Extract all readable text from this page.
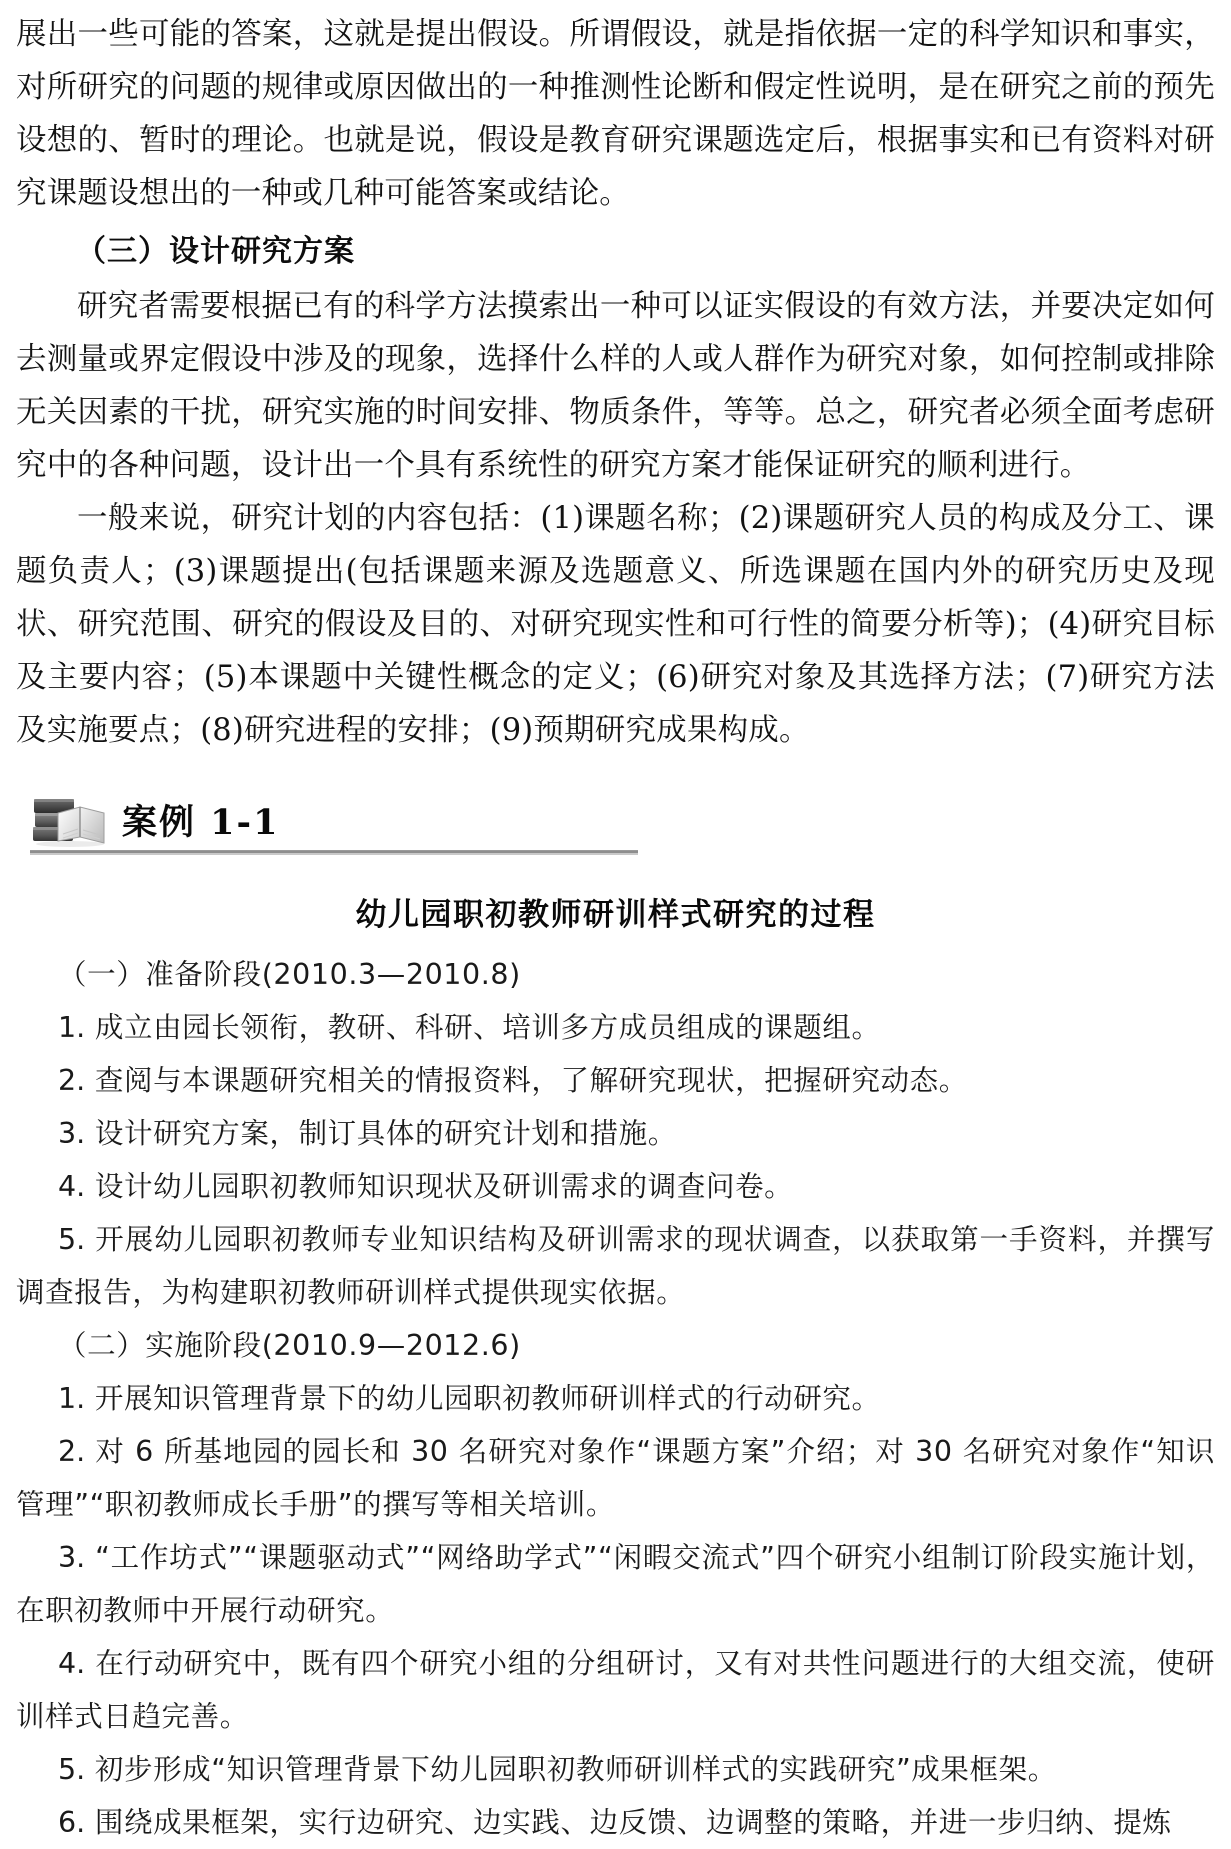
展出一些可能的答案，这就是提出假设。所谓假设，就是指依据一定的科学知识和事实，对所研究的问题的规律或原因做出的一种推测性论断和假定性说明，是在研究之前的预先设想的、暂时的理论。也就是说，假设是教育研究课题选定后，根据事实和已有资料对研究课题设想出的一种或几种可能答案或结论。

（三）设计研究方案

研究者需要根据已有的科学方法摸索出一种可以证实假设的有效方法，并要决定如何去测量或界定假设中涉及的现象，选择什么样的人或人群作为研究对象，如何控制或排除无关因素的干扰，研究实施的时间安排、物质条件，等等。总之，研究者必须全面考虑研究中的各种问题，设计出一个具有系统性的研究方案才能保证研究的顺利进行。

一般来说，研究计划的内容包括：(1)课题名称；(2)课题研究人员的构成及分工、课题负责人；(3)课题提出(包括课题来源及选题意义、所选课题在国内外的研究历史及现状、研究范围、研究的假设及目的、对研究现实性和可行性的简要分析等)；(4)研究目标及主要内容；(5)本课题中关键性概念的定义；(6)研究对象及其选择方法；(7)研究方法及实施要点；(8)研究进程的安排；(9)预期研究成果构成。

案例 1-1
幼儿园职初教师研训样式研究的过程

（一）准备阶段(2010.3—2010.8)

1. 成立由园长领衔，教研、科研、培训多方成员组成的课题组。

2. 查阅与本课题研究相关的情报资料，了解研究现状，把握研究动态。

3. 设计研究方案，制订具体的研究计划和措施。

4. 设计幼儿园职初教师知识现状及研训需求的调查问卷。

5. 开展幼儿园职初教师专业知识结构及研训需求的现状调查，以获取第一手资料，并撰写调查报告，为构建职初教师研训样式提供现实依据。

（二）实施阶段(2010.9—2012.6)

1. 开展知识管理背景下的幼儿园职初教师研训样式的行动研究。

2. 对 6 所基地园的园长和 30 名研究对象作“课题方案”介绍；对 30 名研究对象作“知识管理”“职初教师成长手册”的撰写等相关培训。

3. “工作坊式”“课题驱动式”“网络助学式”“闲暇交流式”四个研究小组制订阶段实施计划，在职初教师中开展行动研究。

4. 在行动研究中，既有四个研究小组的分组研讨，又有对共性问题进行的大组交流，使研训样式日趋完善。

5. 初步形成“知识管理背景下幼儿园职初教师研训样式的实践研究”成果框架。

6. 围绕成果框架，实行边研究、边实践、边反馈、边调整的策略，并进一步归纳、提炼
